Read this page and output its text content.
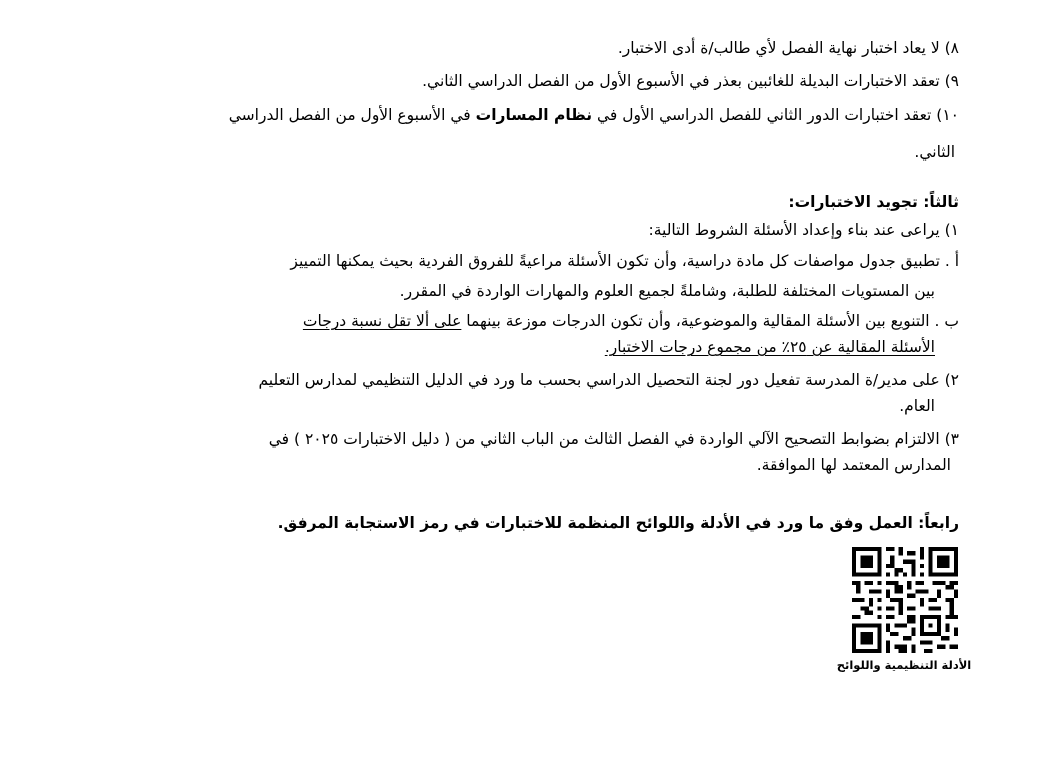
٨) لا يعاد اختبار نهاية الفصل لأي طالب/ة أدى الاختبار.
٩) تعقد الاختبارات البديلة للغائبين بعذر في الأسبوع الأول من الفصل الدراسي الثاني.
١٠) تعقد اختبارات الدور الثاني للفصل الدراسي الأول في نظام المسارات في الأسبوع الأول من الفصل الدراسي
الثاني.
ثالثاً: تجويد الاختبارات:
١) يراعى عند بناء وإعداد الأسئلة الشروط التالية:
أ . تطبيق جدول مواصفات كل مادة دراسية، وأن تكون الأسئلة مراعيةً للفروق الفردية بحيث يمكنها التمييز
بين المستويات المختلفة للطلبة، وشاملةً لجميع العلوم والمهارات الواردة في المقرر.
ب . التنويع بين الأسئلة المقالية والموضوعية، وأن تكون الدرجات موزعة بينهما على ألا تقل نسبة درجات
الأسئلة المقالية عن ٢٥٪ من مجموع درجات الاختبار.
٢) على مدير/ة المدرسة تفعيل دور لجنة التحصيل الدراسي بحسب ما ورد في الدليل التنظيمي لمدارس التعليم
العام.
٣) الالتزام بضوابط التصحيح الآلي الواردة في الفصل الثالث من الباب الثاني من ( دليل الاختبارات ٢٠٢٥ ) في
المدارس المعتمد لها الموافقة.
رابعاً: العمل وفق ما ورد في الأدلة واللوائح المنظمة للاختبارات في رمز الاستجابة المرفق.
الأدلة التنظيمية واللوائح
